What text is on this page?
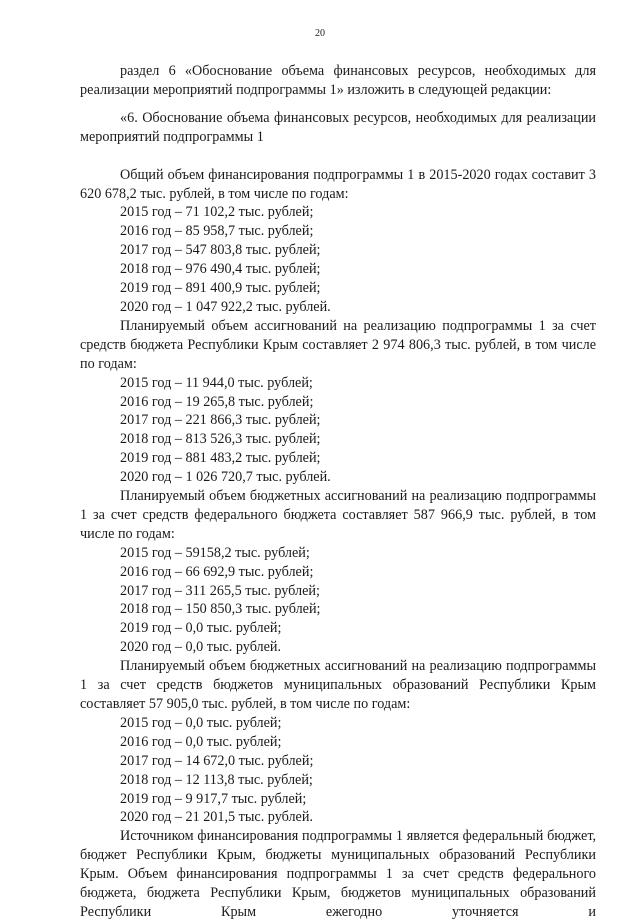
20

раздел 6 «Обоснование объема финансовых ресурсов, необходимых для реализации мероприятий подпрограммы 1» изложить в следующей редакции:

«6. Обоснование объема финансовых ресурсов, необходимых для реализации мероприятий подпрограммы 1

Общий объем финансирования подпрограммы 1 в 2015-2020 годах составит 3 620 678,2 тыс. рублей, в том числе по годам:

2015 год – 71 102,2 тыс. рублей;

2016 год – 85 958,7 тыс. рублей;

2017 год – 547 803,8 тыс. рублей;

2018 год – 976 490,4 тыс. рублей;

2019 год – 891 400,9 тыс. рублей;

2020 год – 1 047 922,2 тыс. рублей.

Планируемый объем ассигнований на реализацию подпрограммы 1 за счет средств бюджета Республики Крым составляет 2 974 806,3 тыс. рублей, в том числе по годам:

2015 год – 11 944,0 тыс. рублей;

2016 год – 19 265,8 тыс. рублей;

2017 год – 221 866,3 тыс. рублей;

2018 год – 813 526,3 тыс. рублей;

2019 год – 881 483,2 тыс. рублей;

2020 год – 1 026 720,7 тыс. рублей.

Планируемый объем бюджетных ассигнований на реализацию подпрограммы 1 за счет средств федерального бюджета составляет 587 966,9 тыс. рублей, в том числе по годам:

2015 год – 59158,2 тыс. рублей;

2016 год – 66 692,9 тыс. рублей;

2017 год – 311 265,5 тыс. рублей;

2018 год – 150 850,3 тыс. рублей;

2019 год – 0,0 тыс. рублей;

2020 год – 0,0 тыс. рублей.

Планируемый объем бюджетных ассигнований на реализацию подпрограммы 1 за счет средств бюджетов муниципальных образований Республики Крым составляет 57 905,0 тыс. рублей, в том числе по годам:

2015 год – 0,0 тыс. рублей;

2016 год – 0,0 тыс. рублей;

2017 год – 14 672,0 тыс. рублей;

2018 год – 12 113,8 тыс. рублей;

2019 год – 9 917,7 тыс. рублей;

2020 год – 21 201,5 тыс. рублей.

Источником финансирования подпрограммы 1 является федеральный бюджет, бюджет Республики Крым, бюджеты муниципальных образований Республики Крым. Объем финансирования подпрограммы 1 за счет средств федерального бюджета, бюджета Республики Крым, бюджетов муниципальных образований Республики Крым ежегодно уточняется и
